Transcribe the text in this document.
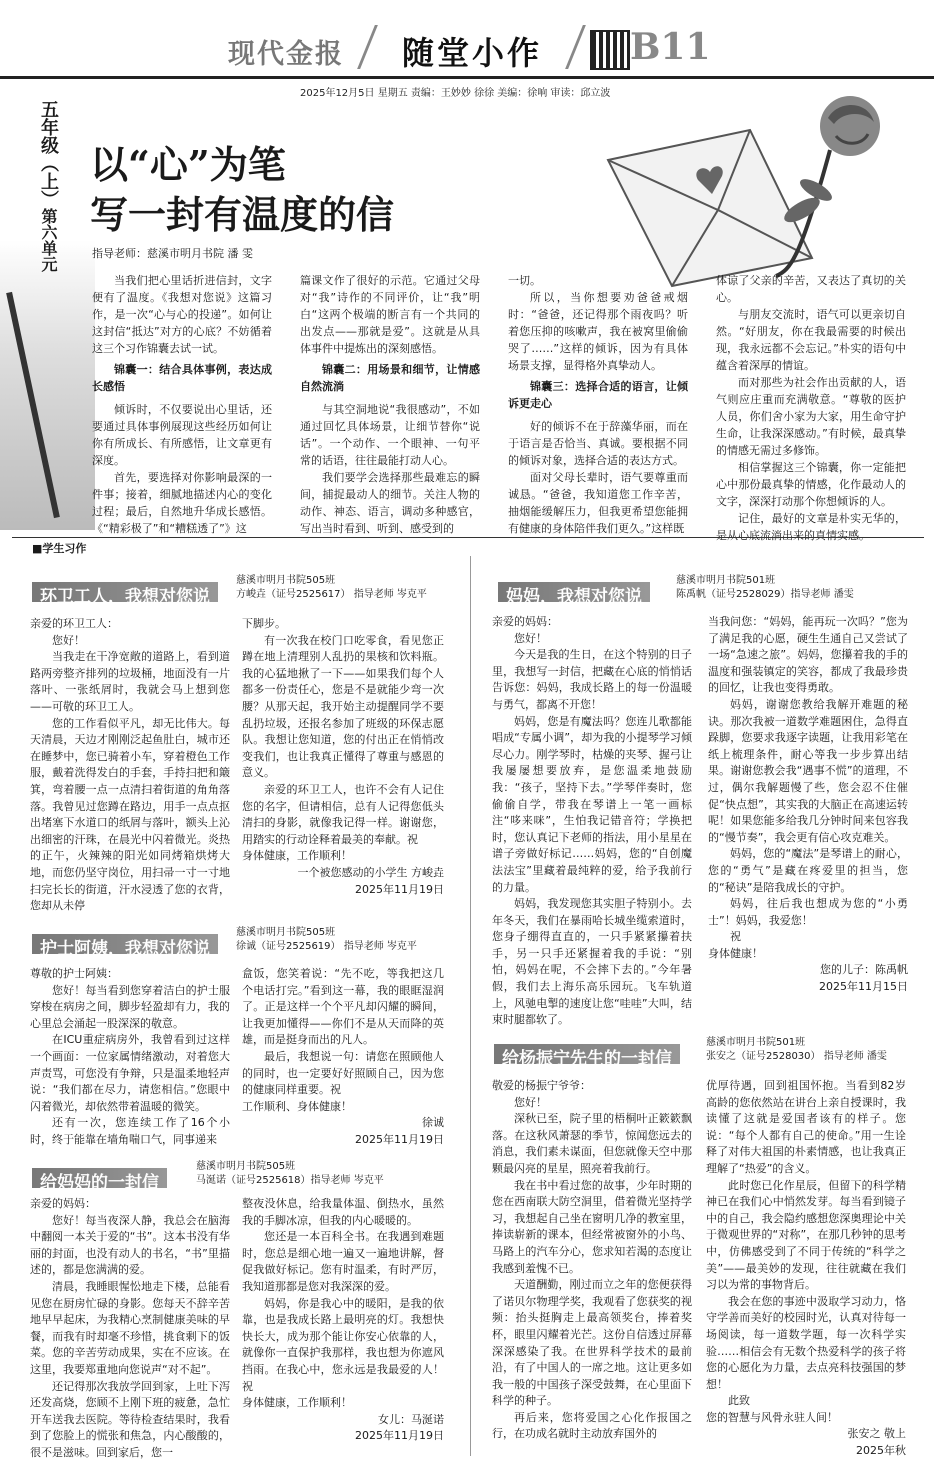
现代金报 随堂小作 B11
2025年12月5日 星期五 责编：王妙妙 徐徐 美编：徐响 审读：邱立波
五年级（上）第六单元
以“心”为笔
写一封有温度的信
指导老师：慈溪市明月书院 潘 雯

当我们把心里话折进信封，文字便有了温度。《我想对您说》这篇习作，是一次“心与心的投递”。如何让这封信“抵达”对方的心底？不妨循着这三个习作锦囊去试一试。

锦囊一：结合具体事例，表达成长感悟

倾诉时，不仅要说出心里话，还要通过具体事例展现这些经历如何让你有所成长、有所感悟，让文章更有深度。

首先，要选择对你影响最深的一件事；接着，细腻地描述内心的变化过程；最后，自然地升华成长感悟。《“精彩极了”和“糟糕透了”》这

篇课文作了很好的示范。它通过父母对“我”诗作的不同评价，让“我”明白“这两个极端的断言有一个共同的出发点——那就是爱”。这就是从具体事件中提炼出的深刻感悟。

锦囊二：用场景和细节，让情感自然流淌

与其空洞地说“我很感动”，不如通过回忆具体场景，让细节替你“说话”。一个动作、一个眼神、一句平常的话语，往往最能打动人心。

我们要学会选择那些最难忘的瞬间，捕捉最动人的细节。关注人物的动作、神态、语言，调动多种感官，写出当时看到、听到、感受到的

一切。

所以，当你想要劝爸爸戒烟时：“爸爸，还记得那个雨夜吗？听着您压抑的咳嗽声，我在被窝里偷偷哭了……”这样的倾诉，因为有具体场景支撑，显得格外真挚动人。

锦囊三：选择合适的语言，让倾诉更走心

好的倾诉不在于辞藻华丽，而在于语言是否恰当、真诚。要根据不同的倾诉对象，选择合适的表达方式。

面对父母长辈时，语气要尊重而诚恳。“爸爸，我知道您工作辛苦，抽烟能缓解压力，但我更希望您能拥有健康的身体陪伴我们更久。”这样既

体谅了父亲的辛苦，又表达了真切的关心。

与朋友交流时，语气可以更亲切自然。“好朋友，你在我最需要的时候出现，我永远都不会忘记。”朴实的语句中蕴含着深厚的情谊。

而对那些为社会作出贡献的人，语气则应庄重而充满敬意。“尊敬的医护人员，你们舍小家为大家，用生命守护生命，让我深深感动。”有时候，最真挚的情感无需过多修饰。

相信掌握这三个锦囊，你一定能把心中那份最真挚的情感，化作最动人的文字，深深打动那个你想倾诉的人。

记住，最好的文章是朴实无华的，是从心底流淌出来的真情实感。

■学生习作
环卫工人，我想对您说
慈溪市明月书院505班
方峻垚（证号2525617） 指导老师 岑克平

亲爱的环卫工人：

您好！

当我走在干净宽敞的道路上，看到道路两旁整齐排列的垃圾桶，地面没有一片落叶、一张纸屑时，我就会马上想到您——可敬的环卫工人。

您的工作看似平凡，却无比伟大。每天清晨，天边才刚刚泛起鱼肚白，城市还在睡梦中，您已骑着小车，穿着橙色工作服，戴着洗得发白的手套，手持扫把和簸箕，弯着腰一点一点清扫着街道的角角落落。我曾见过您蹲在路边，用手一点点抠出堵塞下水道口的纸屑与落叶，额头上沁出细密的汗珠，在晨光中闪着微光。炎热的正午，火辣辣的阳光如同烤箱烘烤大地，而您仍坚守岗位，用扫帚一寸一寸地扫完长长的街道，汗水浸透了您的衣背，您却从未停

下脚步。

有一次我在校门口吃零食，看见您正蹲在地上清理别人乱扔的果核和饮料瓶。我的心猛地揪了一下——如果我们每个人都多一份责任心，您是不是就能少弯一次腰？从那天起，我开始主动提醒同学不要乱扔垃圾，还报名参加了班级的环保志愿队。我想让您知道，您的付出正在悄悄改变我们，也让我真正懂得了尊重与感恩的意义。

亲爱的环卫工人，也许不会有人记住您的名字，但请相信，总有人记得您低头清扫的身影，就像我记得一样。谢谢您，用踏实的行动诠释着最美的奉献。祝

身体健康，工作顺利！

一个被您感动的小学生 方峻垚

2025年11月19日

护士阿姨，我想对您说
慈溪市明月书院505班
徐诚（证号2525619） 指导老师 岑克平

尊敬的护士阿姨：

您好！每当看到您穿着洁白的护士服穿梭在病房之间，脚步轻盈却有力，我的心里总会涌起一股深深的敬意。

在ICU重症病房外，我曾看到过这样一个画面：一位家属情绪激动，对着您大声责骂，可您没有争辩，只是温柔地轻声说：“我们都在尽力，请您相信。”您眼中闪着微光，却依然带着温暖的微笑。

还有一次，您连续工作了16个小时，终于能靠在墙角喘口气，同事递来

盒饭，您笑着说：“先不吃，等我把这几个电话打完。”看到这一幕，我的眼眶湿润了。正是这样一个个平凡却闪耀的瞬间，让我更加懂得——你们不是从天而降的英雄，而是挺身而出的凡人。

最后，我想说一句：请您在照顾他人的同时，也一定要好好照顾自己，因为您的健康同样重要。祝

工作顺利、身体健康！

徐诚

2025年11月19日

给妈妈的一封信
慈溪市明月书院505班
马涎诺（证号2525618）指导老师 岑克平

亲爱的妈妈：

您好！每当夜深人静，我总会在脑海中翻阅一本关于爱的“书”。这本书没有华丽的封面，也没有动人的书名，“书”里描述的，都是您满满的爱。

清晨，我睡眼惺忪地走下楼，总能看见您在厨房忙碌的身影。您每天不辞辛苦地早早起床，为我精心烹制健康美味的早餐，而我有时却毫不珍惜，挑食剩下的饭菜。您的辛苦劳动成果，实在不应该。在这里，我要郑重地向您说声“对不起”。

还记得那次我放学回到家，上吐下泻还发高烧，您顾不上刚下班的疲惫，急忙开车送我去医院。等待检查结果时，我看到了您脸上的慌张和焦急，内心酸酸的，很不是滋味。回到家后，您一

整夜没休息，给我量体温、倒热水，虽然我的手脚冰凉，但我的内心暖暖的。

您还是一本百科全书。在我遇到难题时，您总是细心地一遍又一遍地讲解，督促我做好标记。您有时温柔，有时严厉，我知道那都是您对我深深的爱。

妈妈，你是我心中的暖阳，是我的依靠，也是我成长路上最明亮的灯。我想快快长大，成为那个能让你安心依靠的人，就像你一直保护我那样，我也想为你遮风挡雨。在我心中，您永远是我最爱的人！祝

身体健康，工作顺利！

女儿：马涎诺

2025年11月19日

妈妈，我想对您说
慈溪市明月书院501班
陈禹帆（证号2528029）指导老师 潘雯

亲爱的妈妈：

您好！

今天是我的生日，在这个特别的日子里，我想写一封信，把藏在心底的悄悄话告诉您：妈妈，我成长路上的每一份温暖与勇气，都离不开您！

妈妈，您是有魔法吗？您连儿歌都能唱成“专属小调”，却为我的小提琴学习倾尽心力。刚学琴时，枯燥的夹琴、握弓让我屡屡想要放弃，是您温柔地鼓励我：“孩子，坚持下去。”学琴伴奏时，您偷偷自学，带我在琴谱上一笔一画标注“哆来咪”，生怕我记错音符；学换把时，您认真记下老师的指法，用小星星在谱子旁做好标记……妈妈，您的“自创魔法法宝”里藏着最纯粹的爱，给予我前行的力量。

妈妈，我发现您其实胆子特别小。去年冬天，我们在暴雨哈长城坐缆索道时，您身子绷得直直的，一只手紧紧攥着扶手，另一只手还紧握着我的手说：“别怕，妈妈在呢，不会摔下去的。”今年暑假，我们去上海乐高乐园玩。飞车轨道上，风驰电掣的速度让您“哇哇”大叫，结束时腿都软了。

当我问您：“妈妈，能再玩一次吗？”您为了满足我的心愿，硬生生通自己又尝试了一场“急速之旅”。妈妈，您攥着我的手的温度和强装镇定的笑容，都成了我最珍贵的回忆，让我也变得勇敢。

妈妈，谢谢您教给我解开难题的秘诀。那次我被一道数学难题困住，急得直跺脚，您要求我逐字读题，让我用彩笔在纸上梳理条件，耐心等我一步步算出结果。谢谢您教会我“遇事不慌”的道理，不过，偶尔我解题慢了些，您会忍不住催促“快点想”，其实我的大脑正在高速运转呢！如果您能多给我几分钟时间来包容我的“慢节奏”，我会更有信心攻克难关。

妈妈，您的“魔法”是琴谱上的耐心，您的“勇气”是藏在疼爱里的担当，您的“秘诀”是陪我成长的守护。

妈妈，往后我也想成为您的“小勇士”！妈妈，我爱您！

祝

身体健康！

您的儿子：陈禹帆

2025年11月15日

给杨振宁先生的一封信
慈溪市明月书院501班
张安之（证号2528030） 指导老师 潘雯

敬爱的杨振宁爷爷：

您好！

深秋已至，院子里的梧桐叶正簌簌飘落。在这秋风萧瑟的季节，惊闻您远去的消息，我们素未谋面，但您就像天空中那颗最闪亮的星星，照亮着我前行。

我在书中看过您的故事，少年时期的您在西南联大防空洞里，借着微光坚持学习，我想起自己坐在窗明几净的教室里，捧读崭新的课本，但经常被窗外的小鸟、马路上的汽车分心，您求知若渴的态度让我感到羞愧不已。

天道酬勤，刚过而立之年的您便获得了诺贝尔物理学奖，我观看了您获奖的视频：抬头挺胸走上最高领奖台，捧着奖杯，眼里闪耀着光芒。这份自信透过屏幕深深感染了我。在世界科学技术的最前沿，有了中国人的一席之地。这让更多如我一般的中国孩子深受鼓舞，在心里面下科学的种子。

再后来，您将爱国之心化作报国之行，在功成名就时主动放弃国外的

优厚待遇，回到祖国怀抱。当看到82岁高龄的您依然站在讲台上亲自授课时，我读懂了这就是爱国者该有的样子。您说：“每个人都有自己的使命。”用一生诠释了对伟大祖国的朴素情感，也让我真正理解了“热爱”的含义。

此时您已化作星辰，但留下的科学精神已在我们心中悄然发芽。每当看到镜子中的自己，我会隐约感想您深奥理论中关于微观世界的“对称”，在那几秒钟的思考中，仿佛感受到了不同于传统的“科学之美”——最美妙的发现，往往就藏在我们习以为常的事物背后。

我会在您的事迹中汲取学习动力，恪守学善而美好的校园时光，认真对待每一场阅读，每一道数学题，每一次科学实验……相信会有无数个热爱科学的孩子将您的心愿化为力量，去点亮科技强国的梦想！

此致

您的智慧与风骨永驻人间！

张安之 敬上

2025年秋
